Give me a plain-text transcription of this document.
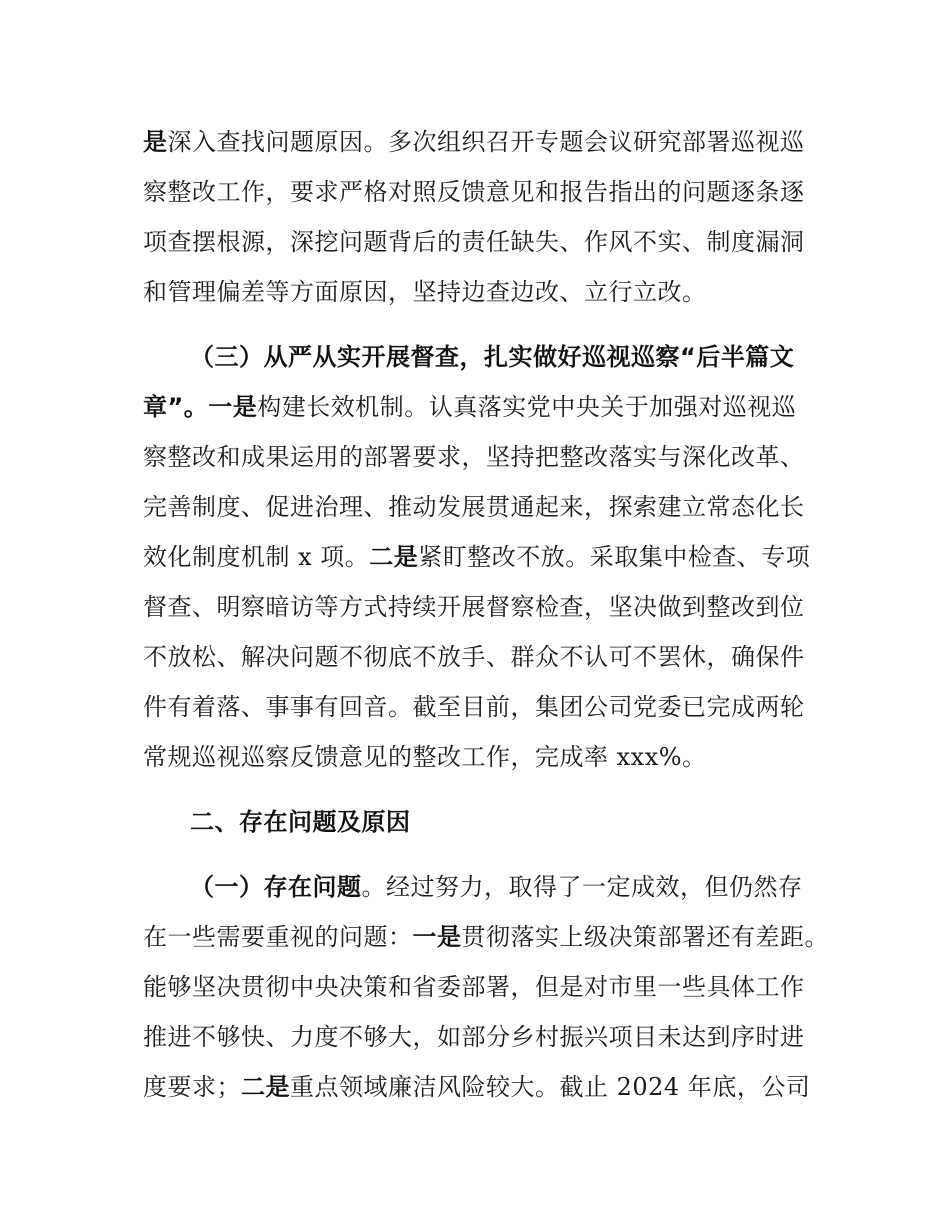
是深入查找问题原因。多次组织召开专题会议研究部署巡视巡
察整改工作，要求严格对照反馈意见和报告指出的问题逐条逐
项查摆根源，深挖问题背后的责任缺失、作风不实、制度漏洞
和管理偏差等方面原因，坚持边查边改、立行立改。
（三）从严从实开展督查，扎实做好巡视巡察“后半篇文
章”。一是构建长效机制。认真落实党中央关于加强对巡视巡
察整改和成果运用的部署要求，坚持把整改落实与深化改革、
完善制度、促进治理、推动发展贯通起来，探索建立常态化长
效化制度机制 x 项。二是紧盯整改不放。采取集中检查、专项
督查、明察暗访等方式持续开展督察检查，坚决做到整改到位
不放松、解决问题不彻底不放手、群众不认可不罢休，确保件
件有着落、事事有回音。截至目前，集团公司党委已完成两轮
常规巡视巡察反馈意见的整改工作，完成率 xxx%。
二、存在问题及原因
（一）存在问题。经过努力，取得了一定成效，但仍然存
在一些需要重视的问题：一是贯彻落实上级决策部署还有差距。
能够坚决贯彻中央决策和省委部署，但是对市里一些具体工作
推进不够快、力度不够大，如部分乡村振兴项目未达到序时进
度要求；二是重点领域廉洁风险较大。截止 2024 年底，公司
